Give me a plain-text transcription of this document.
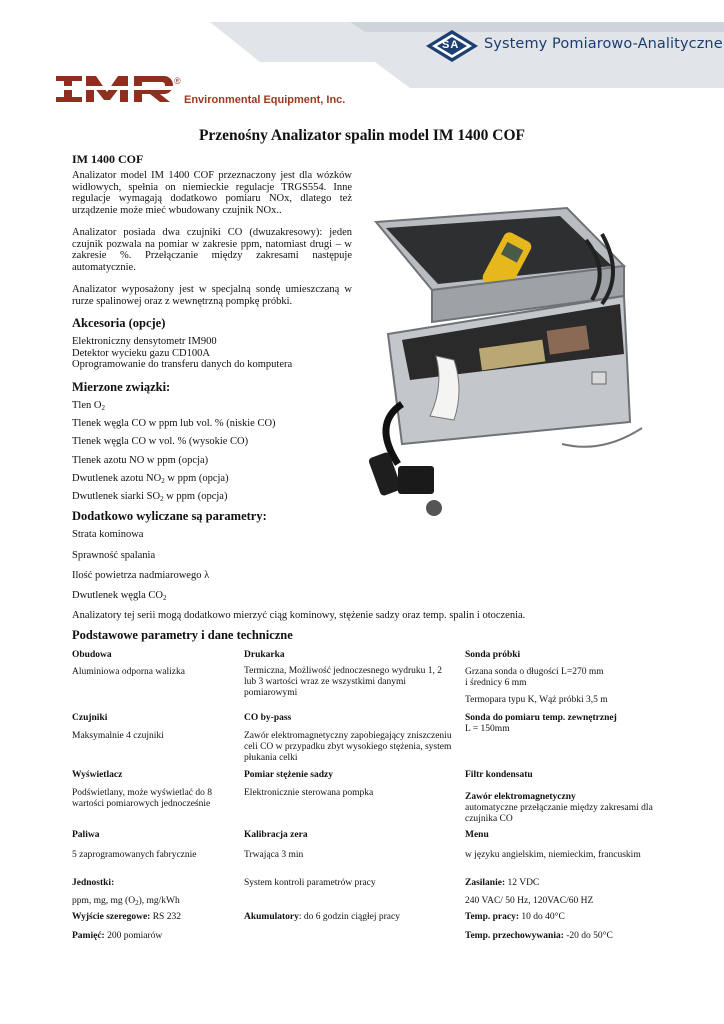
SA Systemy Pomiarowo-Analityczne
®
Environmental Equipment, Inc.
Przenośny Analizator spalin model IM 1400 COF
IM 1400 COF
Analizator model IM 1400 COF przeznaczony jest dla wózków widłowych, spełnia on niemieckie regulacje TRGS554. Inne regulacje wymagają dodatkowo pomiaru NOx, dlatego też urządzenie może mieć wbudowany czujnik NOx..
Analizator posiada dwa czujniki CO (dwuzakresowy): jeden czujnik pozwala na pomiar w zakresie ppm, natomiast drugi – w zakresie %. Przełączanie między zakresami następuje automatycznie.
Analizator wyposażony jest w specjalną sondę umieszczaną w rurze spalinowej oraz z wewnętrzną pompkę próbki.
Akcesoria (opcje)
Elektroniczny densytometr IM900
Detektor wycieku gazu CD100A
Oprogramowanie do transferu danych do komputera
Mierzone związki:
Tlen $O_2$
Tlenek węgla CO w ppm lub vol. % (niskie CO)
Tlenek węgla CO w vol. % (wysokie CO)
Tlenek azotu NO w ppm (opcja)
Dwutlenek azotu $NO_2$ w ppm (opcja)
Dwutlenek siarki $SO_2$ w ppm (opcja)
Dodatkowo wyliczane są parametry:
Strata kominowa
Sprawność spalania
Ilość powietrza nadmiarowego λ
Dwutlenek węgla $CO_2$
Analizatory tej serii mogą dodatkowo mierzyć ciąg kominowy, stężenie sadzy oraz temp. spalin i otoczenia.
Podstawowe parametry i dane techniczne
Obudowa
Aluminiowa odporna walizka
Czujniki
Maksymalnie 4 czujniki
Wyświetlacz
Podświetlany, może wyświetlać do 8 wartości pomiarowych jednocześnie
Paliwa
5 zaprogramowanych fabrycznie
Jednostki:
ppm, mg, mg $(O_2)$, mg/kWh
Wyjście szeregowe: RS 232
Pamięć: 200 pomiarów
Drukarka
Termiczna, Możliwość jednoczesnego wydruku 1, 2 lub 3 wartości wraz ze wszystkimi danymi pomiarowymi
CO by-pass
Zawór elektromagnetyczny zapobiegający zniszczeniu celi CO w przypadku zbyt wysokiego stężenia, system płukania celki
Pomiar stężenie sadzy
Elektronicznie sterowana pompka
Kalibracja zera
Trwająca 3 min
System kontroli parametrów pracy
Akumulatory: do 6 godzin ciągłej pracy
Sonda próbki
Grzana sonda o długości L=270 mm
i średnicy 6 mm
Termopara typu K, Wąż próbki 3,5 m
Sonda do pomiaru temp. zewnętrznej
L = 150mm
Filtr kondensatu
Zawór elektromagnetyczny
automatyczne przełączanie między zakresami dla czujnika CO
Menu
w języku angielskim, niemieckim, francuskim
Zasilanie: 12 VDC
240 VAC/ 50 Hz, 120VAC/60 HZ
Temp. pracy: 10 do 40°C
Temp. przechowywania: -20 do 50°C
